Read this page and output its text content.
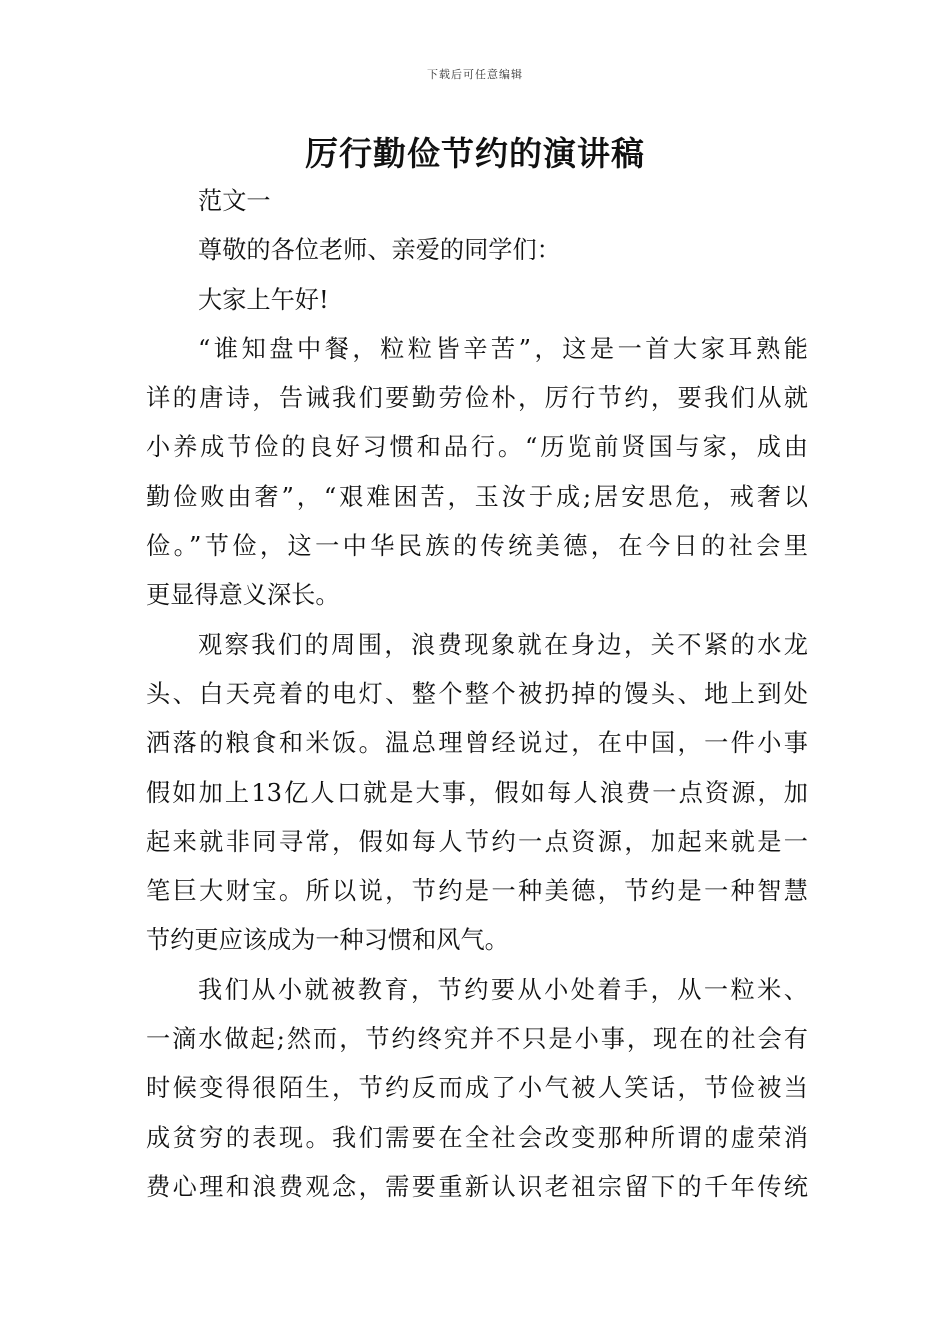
下载后可任意编辑
厉行勤俭节约的演讲稿
范文一
尊敬的各位老师、亲爱的同学们：
大家上午好!
“谁知盘中餐，粒粒皆辛苦”，这是一首大家耳熟能
详的唐诗，告诫我们要勤劳俭朴，厉行节约，要我们从就
小养成节俭的良好习惯和品行。“历览前贤国与家，成由
勤俭败由奢”，“艰难困苦，玉汝于成;居安思危，戒奢以
俭。”节俭，这一中华民族的传统美德，在今日的社会里
更显得意义深长。
观察我们的周围，浪费现象就在身边，关不紧的水龙
头、白天亮着的电灯、整个整个被扔掉的馒头、地上到处
洒落的粮食和米饭。温总理曾经说过，在中国，一件小事
假如加上13亿人口就是大事，假如每人浪费一点资源，加
起来就非同寻常，假如每人节约一点资源，加起来就是一
笔巨大财宝。所以说，节约是一种美德，节约是一种智慧
节约更应该成为一种习惯和风气。
我们从小就被教育，节约要从小处着手，从一粒米、
一滴水做起;然而，节约终究并不只是小事，现在的社会有
时候变得很陌生，节约反而成了小气被人笑话，节俭被当
成贫穷的表现。我们需要在全社会改变那种所谓的虚荣消
费心理和浪费观念，需要重新认识老祖宗留下的千年传统
